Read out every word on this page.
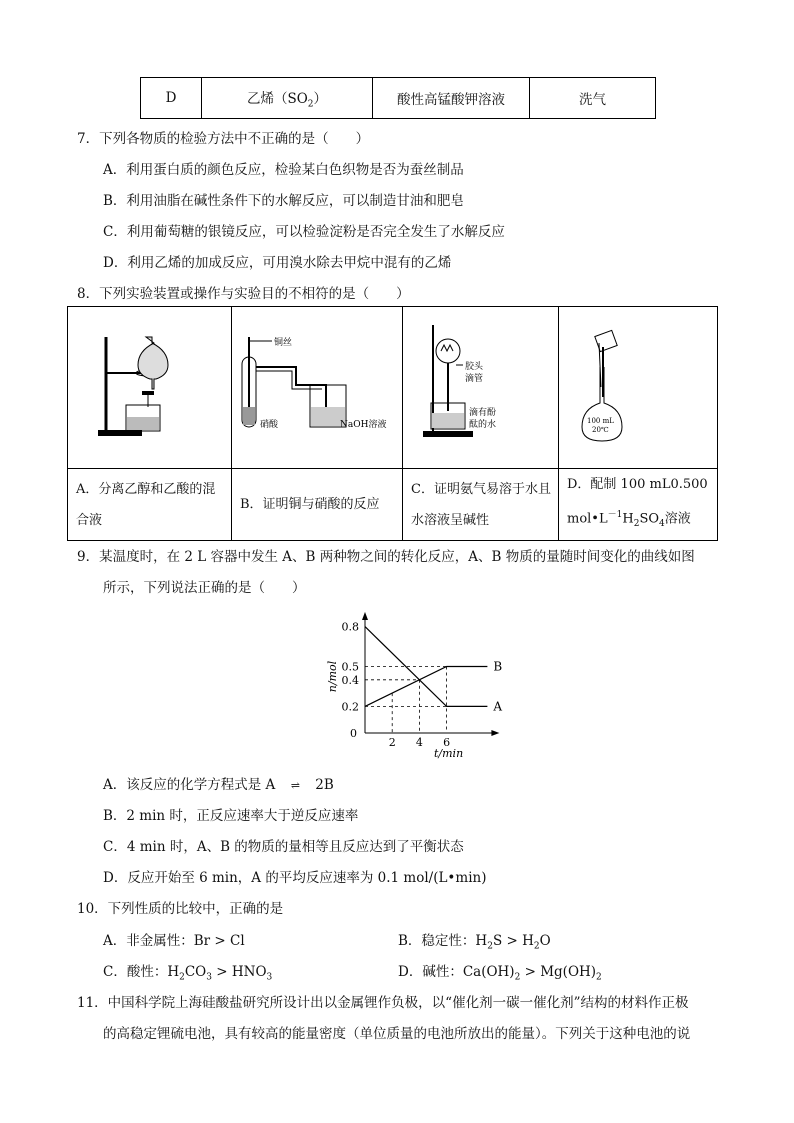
D	乙烯$(SO_2)$	酸性高锰酸钾溶液	洗气
7．下列各物质的检验方法中不正确的是（　　）
A．利用蛋白质的颜色反应，检验某白色织物是否为蚕丝制品
B．利用油脂在碱性条件下的水解反应，可以制造甘油和肥皂
C．利用葡萄糖的银镜反应，可以检验淀粉是否完全发生了水解反应
D．利用乙烯的加成反应，可用溴水除去甲烷中混有的乙烯
8．下列实验装置或操作与实验目的不相符的是（　　）

铜丝
硝酸 NaOH溶液	胶头
滴管
滴有酚
酞的水	100 mL
20℃

A．分离乙醇和乙酸的混合液	B．证明铜与硝酸的反应	C．证明氨气易溶于水且水溶液呈碱性	D．配制 100 mL0.500 $mol•L^{-1}H_2SO_4$溶液
9．某温度时，在 2 L 容器中发生 A、B 两种物之间的转化反应，A、B 物质的量随时间变化的曲线如图
所示，下列说法正确的是（　　）
0.2
0.4
0.5
0.8
2 4 6
0
t/min
n/mol
A
B
A．该反应的化学方程式是 A ⇌ 2B
B．2 min 时，正反应速率大于逆反应速率
C．4 min 时，A、B 的物质的量相等且反应达到了平衡状态
D．反应开始至 6 min，A 的平均反应速率为 0.1 mol/(L•min)
10．下列性质的比较中，正确的是
A．非金属性：Br > Cl	B．稳定性：$H_2S > H_2O$
C．酸性：$H_2CO_3 > HNO_3$	D．碱性：$Ca(OH)_2 > Mg(OH)_2$
11．中国科学院上海硅酸盐研究所设计出以金属锂作负极，以“催化剂一碳一催化剂”结构的材料作正极
的高稳定锂硫电池，具有较高的能量密度（单位质量的电池所放出的能量）。下列关于这种电池的说
